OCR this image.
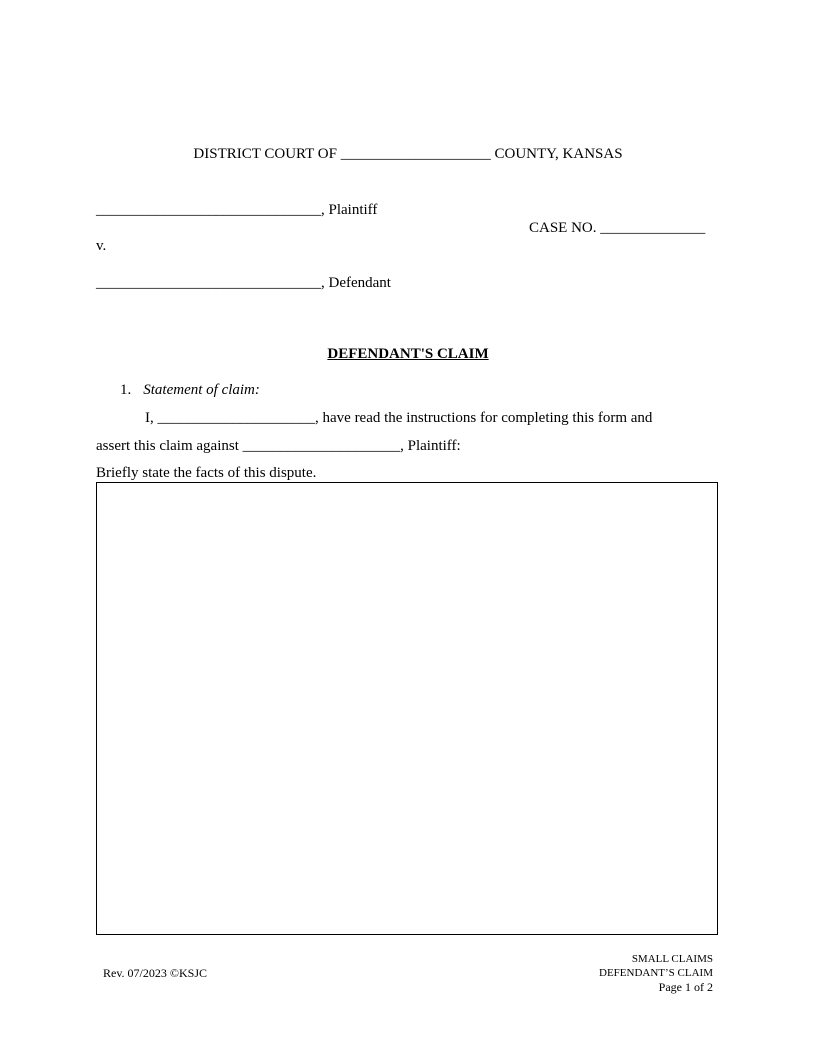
DISTRICT COURT OF ____________________ COUNTY, KANSAS
______________________________, Plaintiff
CASE NO. ______________
v.
______________________________, Defendant
DEFENDANT'S CLAIM
1. Statement of claim:
I, _____________________, have read the instructions for completing this form and
assert this claim against _____________________, Plaintiff:
Briefly state the facts of this dispute.
Rev. 07/2023 ©KSJC
SMALL CLAIMS
DEFENDANT’S CLAIM
Page 1 of 2
